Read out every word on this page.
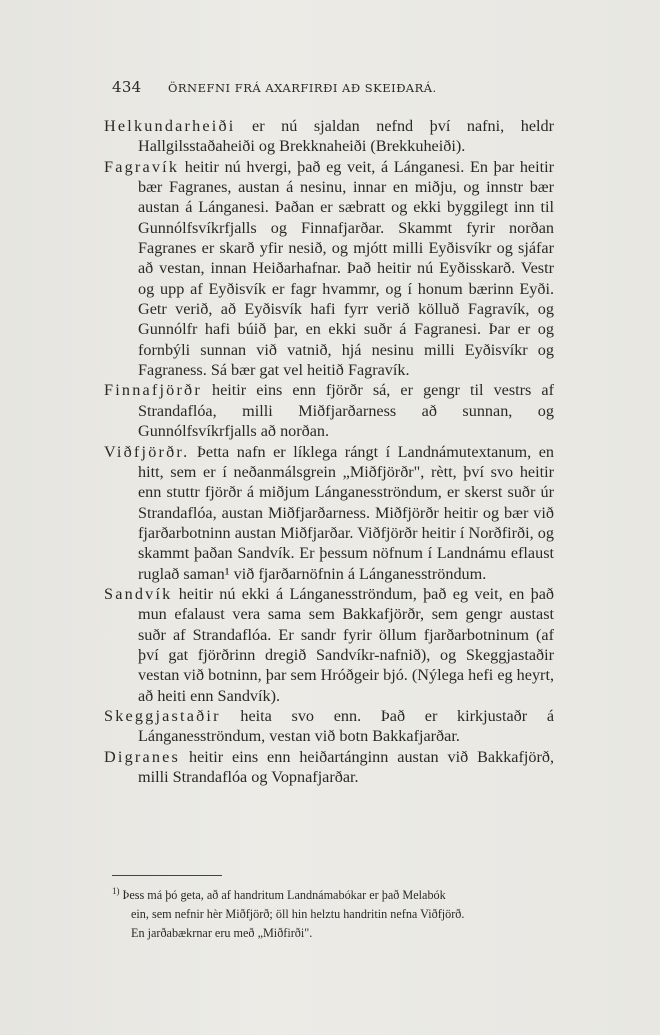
434 ÖRNEFNI FRÁ AXARFIRÐI AÐ SKEIÐARÁ.

Helkundarheiði er nú sjaldan nefnd því nafni, heldr Hallgilsstaðaheiði og Brekknaheiði (Brekkuheiði).

Fagravík heitir nú hvergi, það eg veit, á Lánganesi. En þar heitir bær Fagranes, austan á nesinu, innar en miðju, og innstr bær austan á Lánganesi. Þaðan er sæbratt og ekki byggilegt inn til Gunnólfsvíkrfjalls og Finnafjarðar. Skammt fyrir norðan Fagranes er skarð yfir nesið, og mjótt milli Eyðisvíkr og sjáfar að vestan, innan Heiðarhafnar. Það heitir nú Eyðisskarð. Vestr og upp af Eyðisvík er fagr hvammr, og í honum bærinn Eyði. Getr verið, að Eyðisvík hafi fyrr verið kölluð Fagravík, og Gunnólfr hafi búið þar, en ekki suðr á Fagranesi. Þar er og fornbýli sunnan við vatnið, hjá nesinu milli Eyðisvíkr og Fagraness. Sá bær gat vel heitið Fagravík.

Finnafjörðr heitir eins enn fjörðr sá, er gengr til vestrs af Strandaflóa, milli Miðfjarðarness að sunnan, og Gunnólfsvíkrfjalls að norðan.

Viðfjörðr. Þetta nafn er líklega rángt í Landnámutextanum, en hitt, sem er í neðanmálsgrein „Miðfjörðr", rètt, því svo heitir enn stuttr fjörðr á miðjum Lánganesströndum, er skerst suðr úr Strandaflóa, austan Miðfjarðarness. Miðfjörðr heitir og bær við fjarðarbotninn austan Miðfjarðar. Viðfjörðr heitir í Norðfirði, og skammt þaðan Sandvík. Er þessum nöfnum í Landnámu eflaust ruglað saman¹ við fjarðarnöfnin á Lánganesströndum.

Sandvík heitir nú ekki á Lánganesströndum, það eg veit, en það mun efalaust vera sama sem Bakkafjörðr, sem gengr austast suðr af Strandaflóa. Er sandr fyrir öllum fjarðarbotninum (af því gat fjörðrinn dregið Sandvíkr-nafnið), og Skeggjastaðir vestan við botninn, þar sem Hróðgeir bjó. (Nýlega hefi eg heyrt, að heiti enn Sandvík).

Skeggjastaðir heita svo enn. Það er kirkjustaðr á Lánganesströndum, vestan við botn Bakkafjarðar.

Digranes heitir eins enn heiðartánginn austan við Bakkafjörð, milli Strandaflóa og Vopnafjarðar.

$^{1)}$ Þess má þó geta, að af handritum Landnámabókar er það Melabók
ein, sem nefnir hèr Miðfjörð; öll hin helztu handritin nefna Viðfjörð.
En jarðabækrnar eru með „Miðfirði".
